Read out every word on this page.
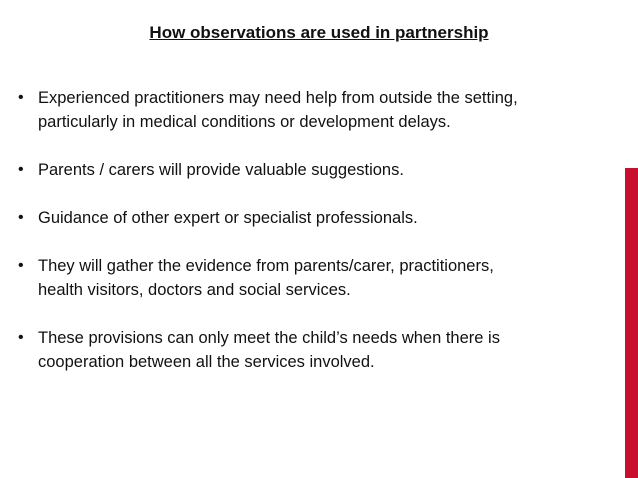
How observations are used in partnership
• Experienced practitioners may need help from outside the setting,
particularly in medical conditions or development delays.
• Parents / carers will provide valuable suggestions.
• Guidance of other expert or specialist professionals.
• They will gather the evidence from parents/carer, practitioners,
health visitors, doctors and social services.
• These provisions can only meet the child’s needs when there is
cooperation between all the services involved.
